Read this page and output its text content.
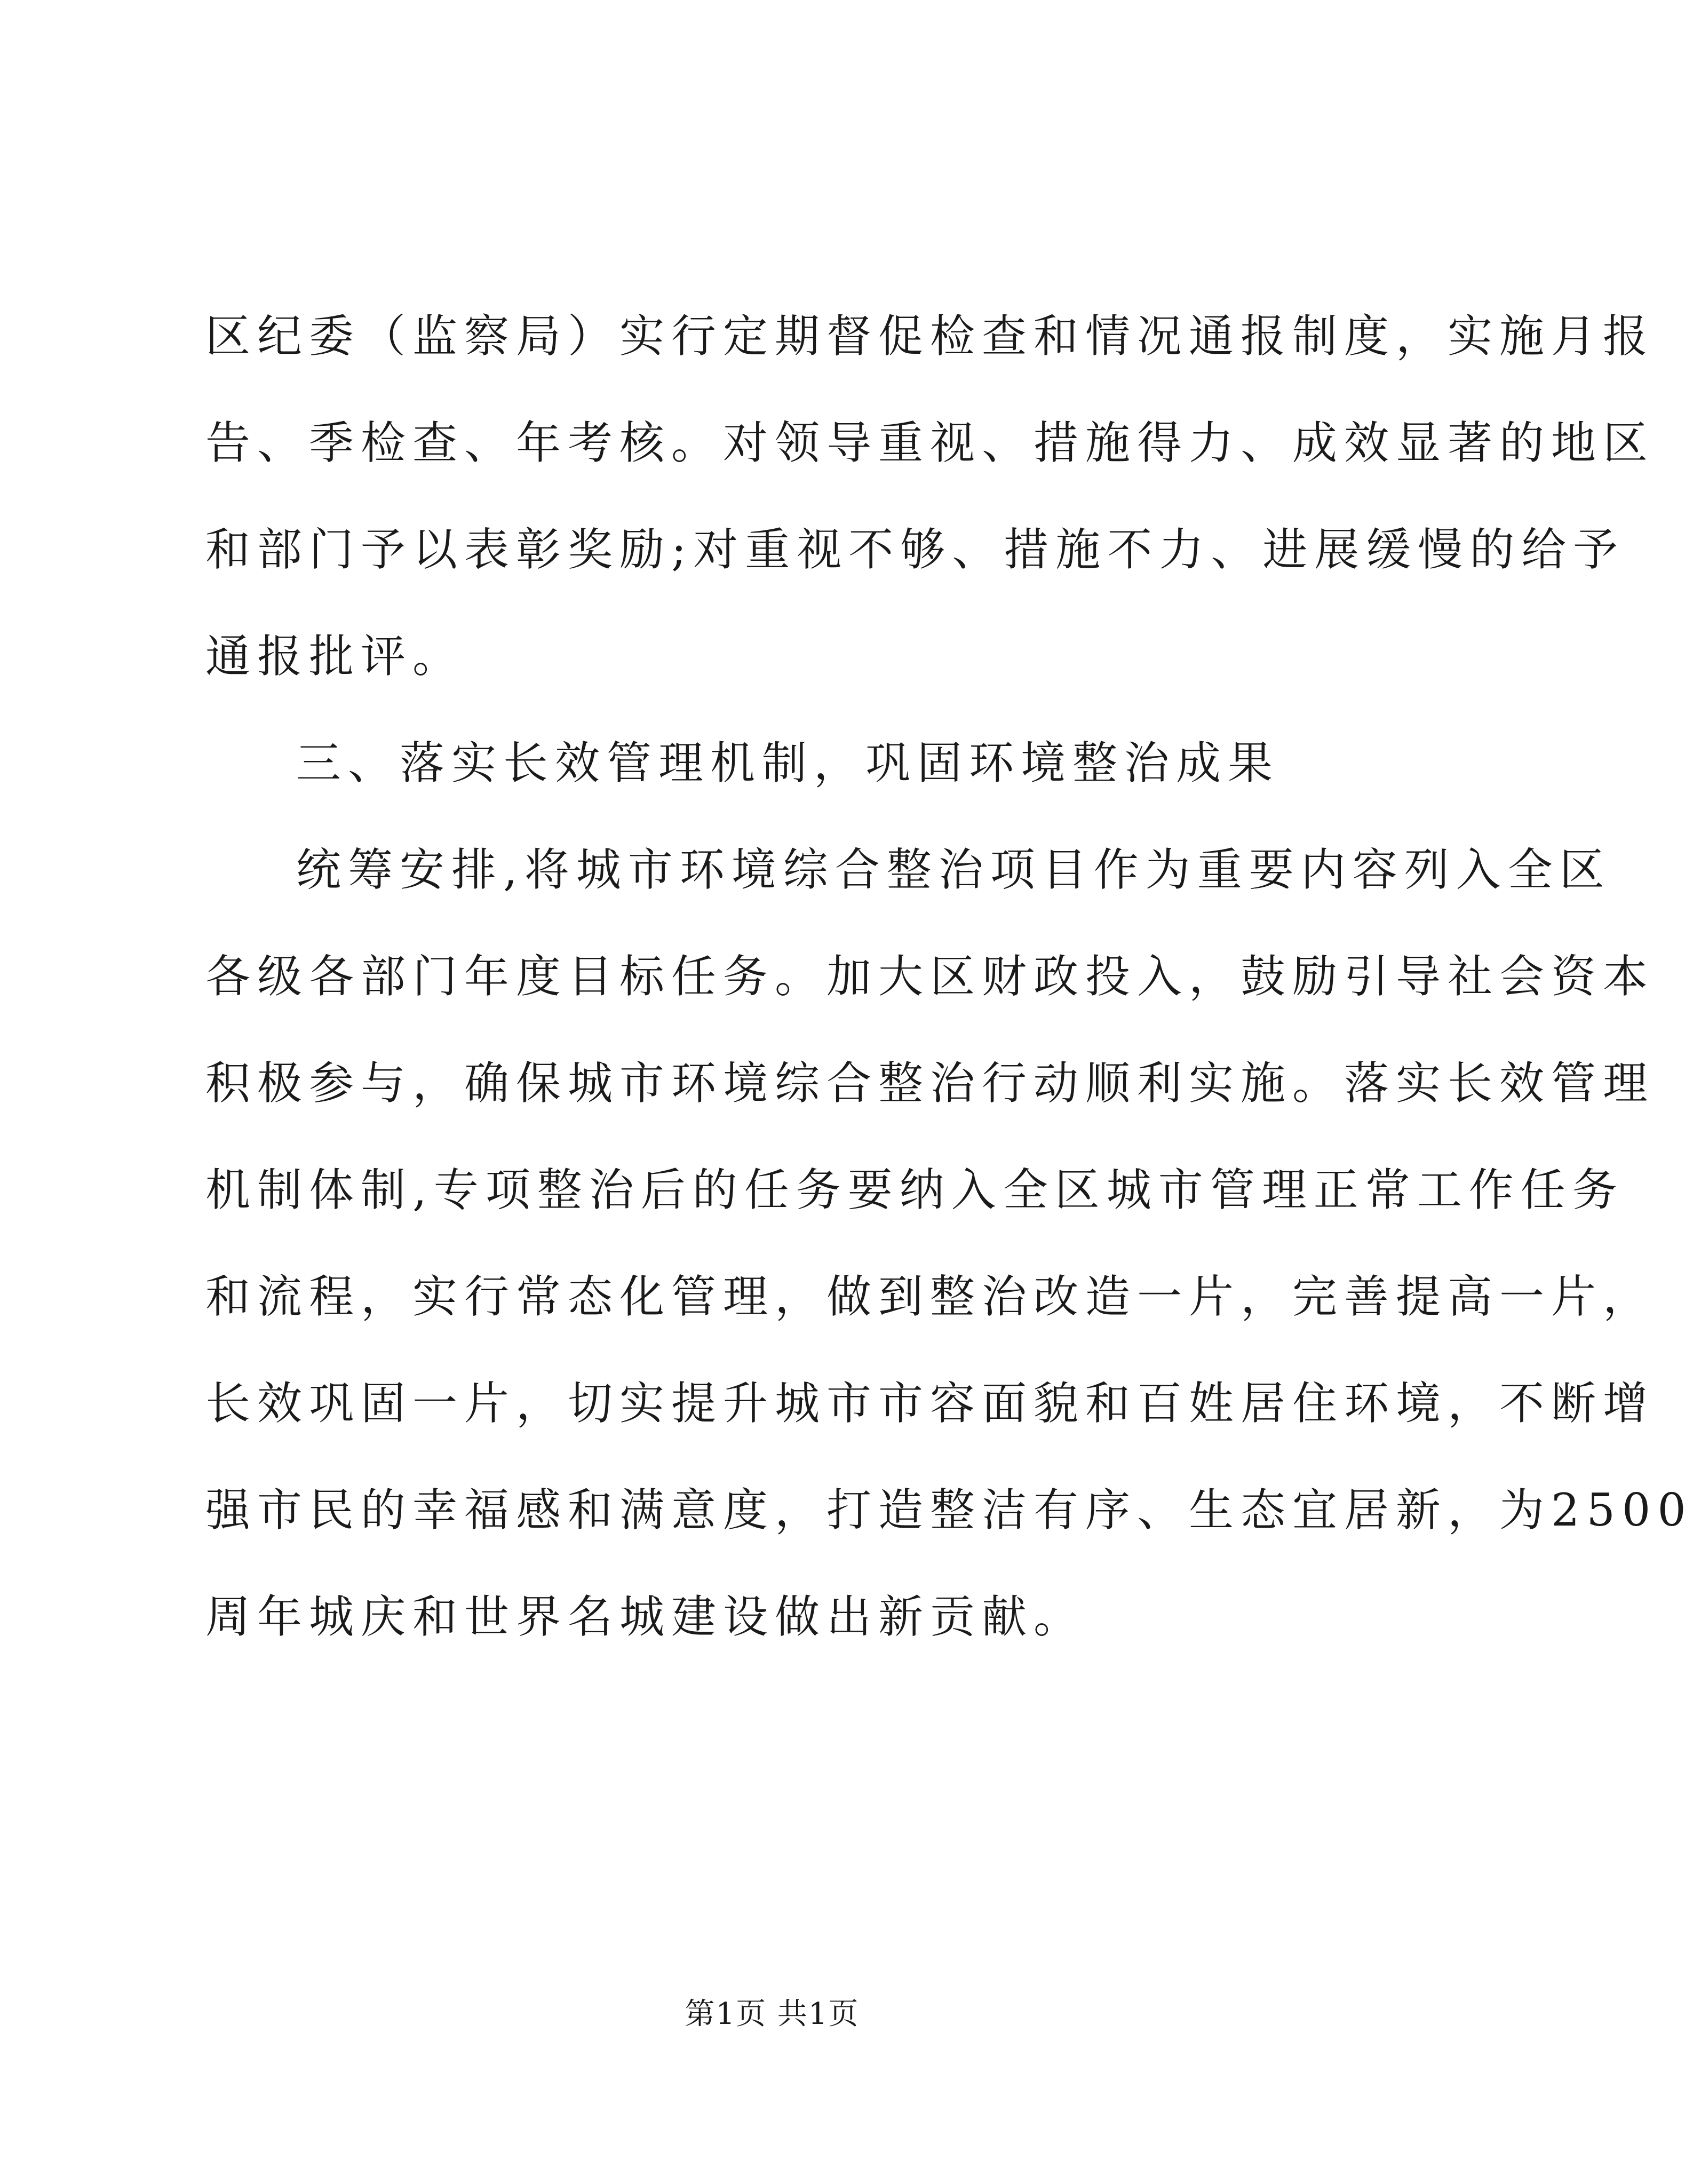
区纪委（监察局）实行定期督促检查和情况通报制度，实施月报
告、季检查、年考核。对领导重视、措施得力、成效显著的地区
和部门予以表彰奖励;对重视不够、措施不力、进展缓慢的给予
通报批评。
三、落实长效管理机制，巩固环境整治成果
统筹安排,将城市环境综合整治项目作为重要内容列入全区
各级各部门年度目标任务。加大区财政投入，鼓励引导社会资本
积极参与，确保城市环境综合整治行动顺利实施。落实长效管理
机制体制,专项整治后的任务要纳入全区城市管理正常工作任务
和流程，实行常态化管理，做到整治改造一片，完善提高一片，
长效巩固一片，切实提升城市市容面貌和百姓居住环境，不断增
强市民的幸福感和满意度，打造整洁有序、生态宜居新，为2500
周年城庆和世界名城建设做出新贡献。
第1页 共1页
